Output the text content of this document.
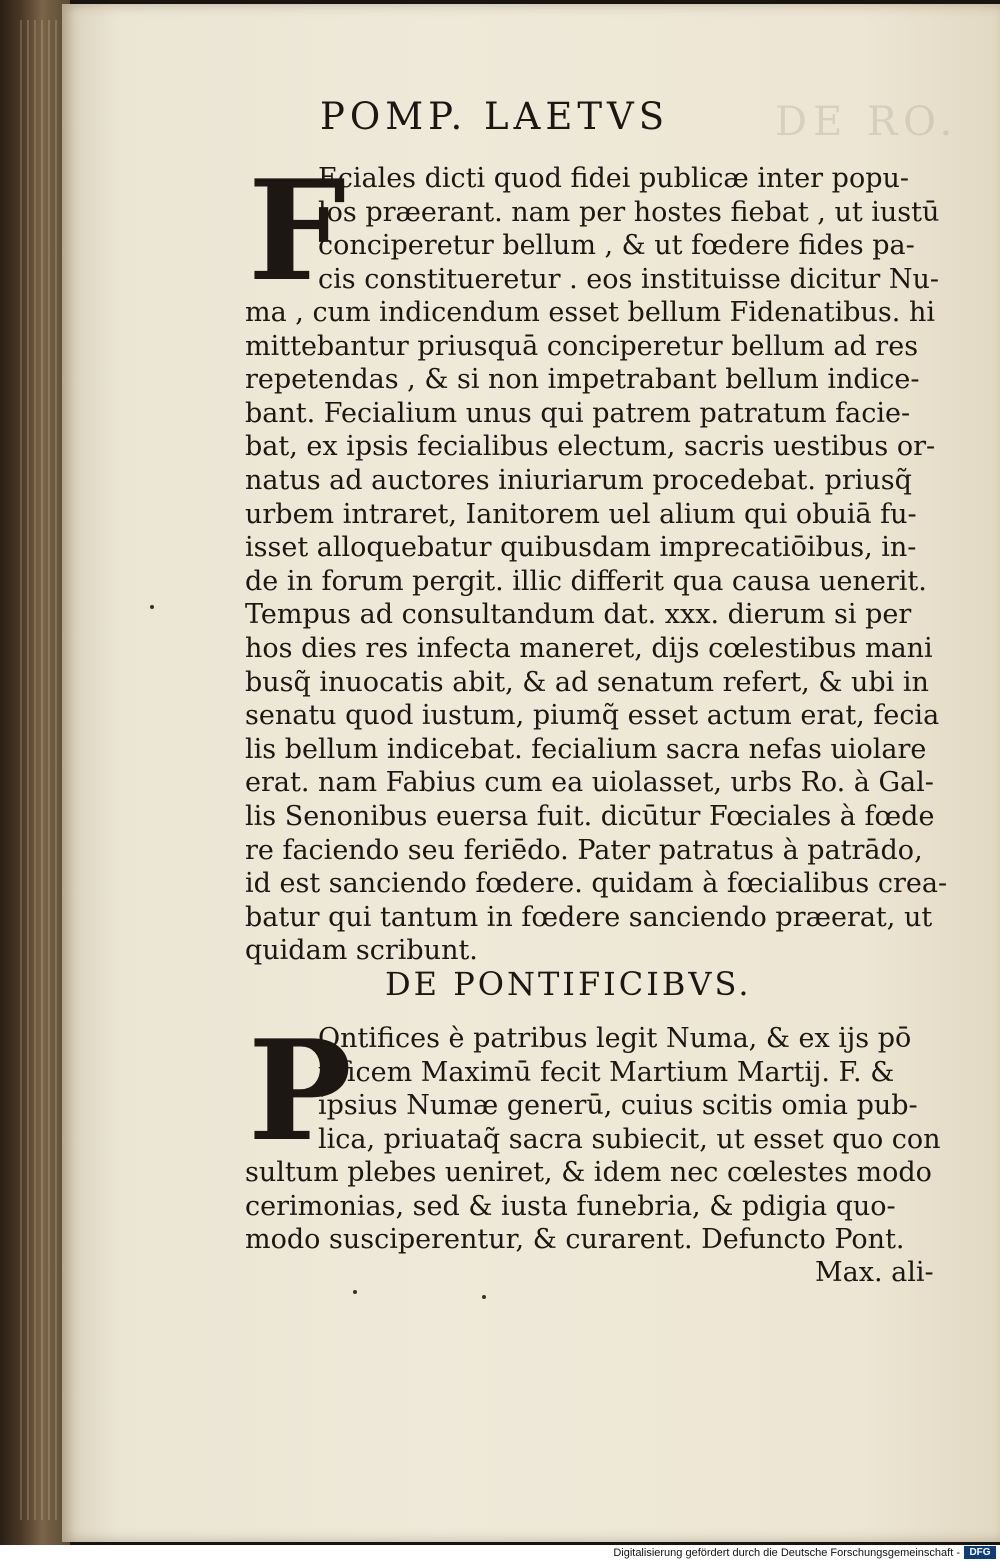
DE RO.
POMP. LAETVS
F
Eciales dicti quod fidei publicæ inter popu-
los præerant. nam per hostes fiebat , ut iustū
conciperetur bellum , & ut fœdere fides pa-
cis constitueretur . eos instituisse dicitur Nu-
ma , cum indicendum esset bellum Fidenatibus. hi
mittebantur priusquā conciperetur bellum ad res
repetendas , & si non impetrabant bellum indice-
bant. Fecialium unus qui patrem patratum facie-
bat, ex ipsis fecialibus electum, sacris uestibus or-
natus ad auctores iniuriarum procedebat. priusq̃
urbem intraret, Ianitorem uel alium qui obuiā fu-
isset alloquebatur quibusdam imprecatiōibus, in-
de in forum pergit. illic differit qua causa uenerit.
Tempus ad consultandum dat. xxx. dierum si per
hos dies res infecta maneret, dijs cœlestibus mani
busq̃ inuocatis abit, & ad senatum refert, & ubi in
senatu quod iustum, piumq̃ esset actum erat, fecia
lis bellum indicebat. fecialium sacra nefas uiolare
erat. nam Fabius cum ea uiolasset, urbs Ro. à Gal-
lis Senonibus euersa fuit. dicūtur Fœciales à fœde
re faciendo seu feriēdo. Pater patratus à patrādo,
id est sanciendo fœdere. quidam à fœcialibus crea-
batur qui tantum in fœdere sanciendo præerat, ut
quidam scribunt.
DE PONTIFICIBVS.
P
Ontifices è patribus legit Numa, & ex ijs pō
tificem Maximū fecit Martium Martij. F. &
ipsius Numæ generū, cuius scitis omia pub-
lica, priuataq̃ sacra subiecit, ut esset quo con
sultum plebes ueniret, & idem nec cœlestes modo
cerimonias, sed & iusta funebria, & pdigia quo-
modo susciperentur, & curarent. Defuncto Pont.
Max. ali-
Digitalisierung gefördert durch die Deutsche Forschungsgemeinschaft - DFG
